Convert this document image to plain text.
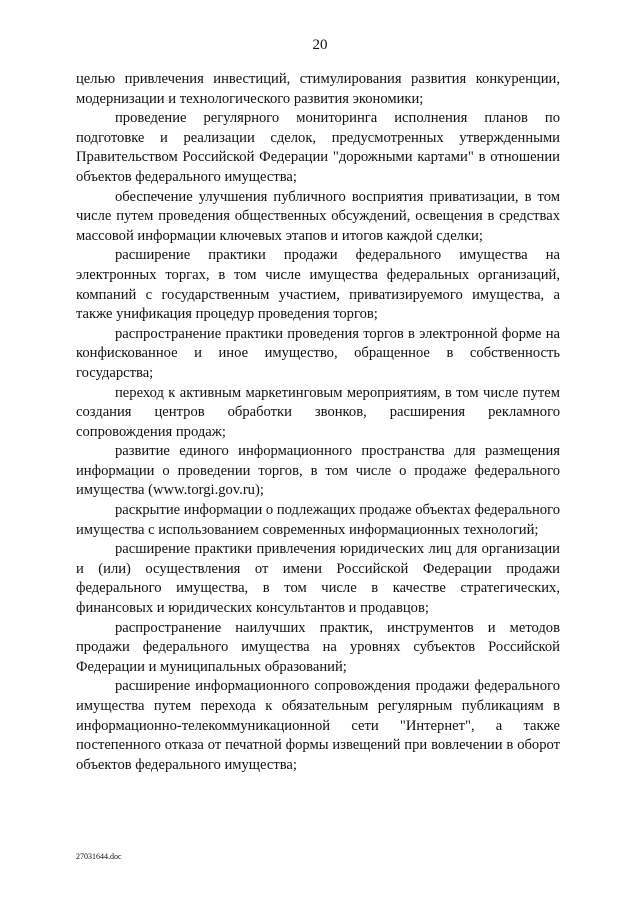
20

целью привлечения инвестиций, стимулирования развития конкуренции, модернизации и технологического развития экономики;

проведение регулярного мониторинга исполнения планов по подготовке и реализации сделок, предусмотренных утвержденными Правительством Российской Федерации "дорожными картами" в отношении объектов федерального имущества;

обеспечение улучшения публичного восприятия приватизации, в том числе путем проведения общественных обсуждений, освещения в средствах массовой информации ключевых этапов и итогов каждой сделки;

расширение практики продажи федерального имущества на электронных торгах, в том числе имущества федеральных организаций, компаний с государственным участием, приватизируемого имущества, а также унификация процедур проведения торгов;

распространение практики проведения торгов в электронной форме на конфискованное и иное имущество, обращенное в собственность государства;

переход к активным маркетинговым мероприятиям, в том числе путем создания центров обработки звонков, расширения рекламного сопровождения продаж;

развитие единого информационного пространства для размещения информации о проведении торгов, в том числе о продаже федерального имущества (www.torgi.gov.ru);

раскрытие информации о подлежащих продаже объектах федерального имущества с использованием современных информационных технологий;

расширение практики привлечения юридических лиц для организации и (или) осуществления от имени Российской Федерации продажи федерального имущества, в том числе в качестве стратегических, финансовых и юридических консультантов и продавцов;

распространение наилучших практик, инструментов и методов продажи федерального имущества на уровнях субъектов Российской Федерации и муниципальных образований;

расширение информационного сопровождения продажи федерального имущества путем перехода к обязательным регулярным публикациям в информационно-телекоммуникационной сети "Интернет", а также постепенного отказа от печатной формы извещений при вовлечении в оборот объектов федерального имущества;

27031644.doc
